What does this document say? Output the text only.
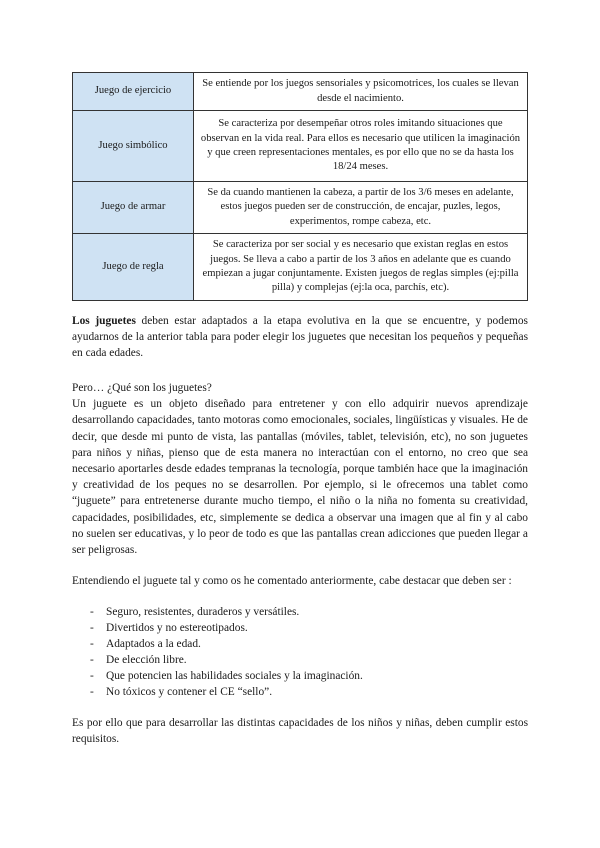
Juego de ejercicio	Se entiende por los juegos sensoriales y psicomotrices, los cuales se llevan desde el nacimiento.
Juego simbólico	Se caracteriza por desempeñar otros roles imitando situaciones que observan en la vida real. Para ellos es necesario que utilicen la imaginación y que creen representaciones mentales, es por ello que no se da hasta los 18/24 meses.
Juego de armar	Se da cuando mantienen la cabeza, a partir de los 3/6 meses en adelante, estos juegos pueden ser de construcción, de encajar, puzles, legos, experimentos, rompe cabeza, etc.
Juego de regla	Se caracteriza por ser social y es necesario que existan reglas en estos juegos. Se lleva a cabo a partir de los 3 años en adelante que es cuando empiezan a jugar conjuntamente. Existen juegos de reglas simples (ej:pilla pilla) y complejas (ej:la oca, parchís, etc).

Los juguetes deben estar adaptados a la etapa evolutiva en la que se encuentre, y podemos ayudarnos de la anterior tabla para poder elegir los juguetes que necesitan los pequeños y pequeñas en cada edades.

Pero… ¿Qué son los juguetes?

Un juguete es un objeto diseñado para entretener y con ello adquirir nuevos aprendizaje desarrollando capacidades, tanto motoras como emocionales, sociales, lingüísticas y visuales. He de decir, que desde mi punto de vista, las pantallas (móviles, tablet, televisión, etc), no son juguetes para niños y niñas, pienso que de esta manera no interactúan con el entorno, no creo que sea necesario aportarles desde edades tempranas la tecnología, porque también hace que la imaginación y creatividad de los peques no se desarrollen. Por ejemplo, si le ofrecemos una tablet como “juguete” para entretenerse durante mucho tiempo, el niño o la niña no fomenta su creatividad, capacidades, posibilidades, etc, simplemente se dedica a observar una imagen que al fin y al cabo no suelen ser educativas, y lo peor de todo es que las pantallas crean adicciones que pueden llegar a ser peligrosas.

Entendiendo el juguete tal y como os he comentado anteriormente, cabe destacar que deben ser :

-	Seguro, resistentes, duraderos y versátiles.
-	Divertidos y no estereotipados.
-	Adaptados a la edad.
-	De elección libre.
-	Que potencien las habilidades sociales y la imaginación.
-	No tóxicos y contener el CE “sello”.

Es por ello que para desarrollar las distintas capacidades de los niños y niñas, deben cumplir estos requisitos.
